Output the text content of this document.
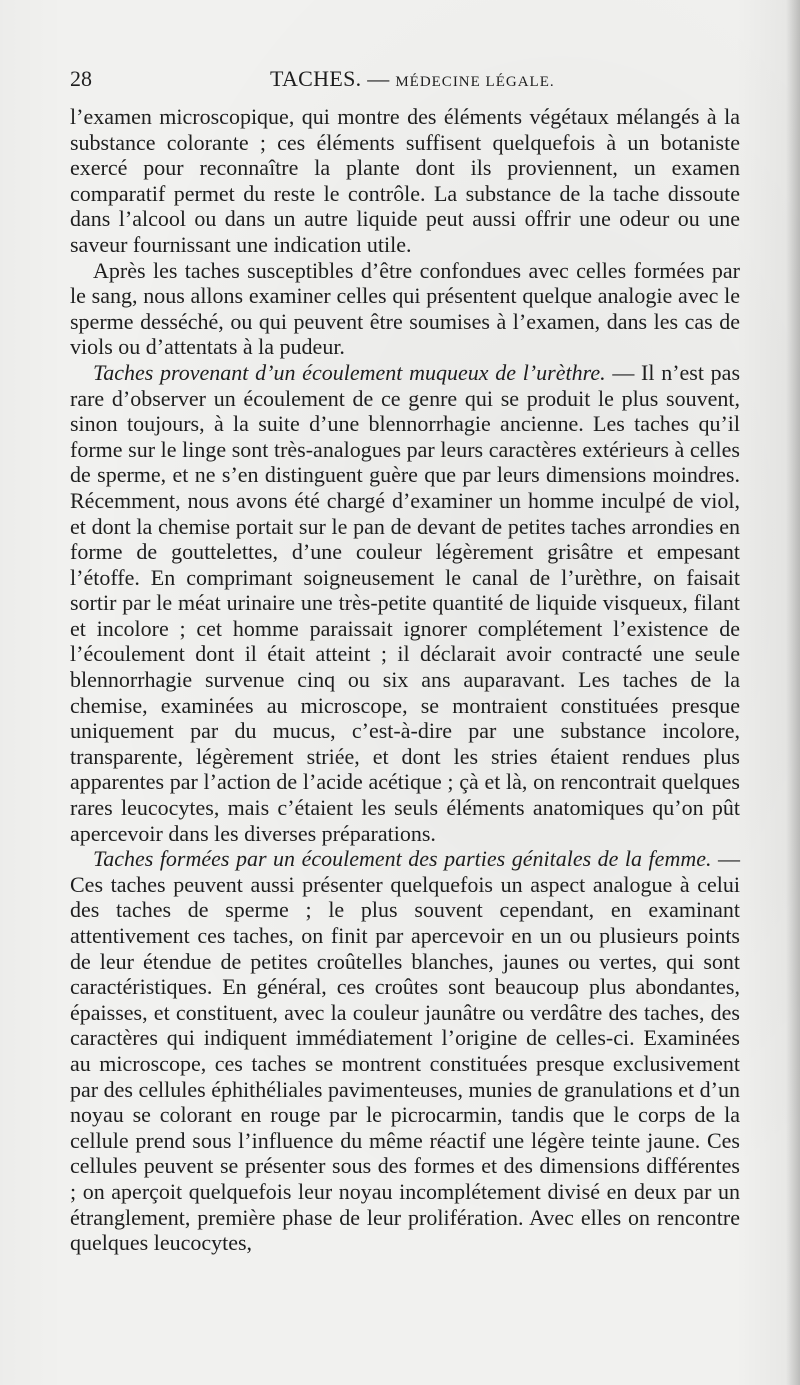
28	TACHES. — MÉDECINE LÉGALE.

l’examen microscopique, qui montre des éléments végétaux mélangés à la substance colorante ; ces éléments suffisent quelquefois à un botaniste exercé pour reconnaître la plante dont ils proviennent, un examen comparatif permet du reste le contrôle. La substance de la tache dissoute dans l’alcool ou dans un autre liquide peut aussi offrir une odeur ou une saveur fournissant une indication utile.

Après les taches susceptibles d’être confondues avec celles formées par le sang, nous allons examiner celles qui présentent quelque analogie avec le sperme desséché, ou qui peuvent être soumises à l’examen, dans les cas de viols ou d’attentats à la pudeur.

Taches provenant d’un écoulement muqueux de l’urèthre. — Il n’est pas rare d’observer un écoulement de ce genre qui se produit le plus souvent, sinon toujours, à la suite d’une blennorrhagie ancienne. Les taches qu’il forme sur le linge sont très-analogues par leurs caractères extérieurs à celles de sperme, et ne s’en distinguent guère que par leurs dimensions moindres. Récemment, nous avons été chargé d’examiner un homme inculpé de viol, et dont la chemise portait sur le pan de devant de petites taches arrondies en forme de gouttelettes, d’une couleur légèrement grisâtre et empesant l’étoffe. En comprimant soigneusement le canal de l’urèthre, on faisait sortir par le méat urinaire une très-petite quantité de liquide visqueux, filant et incolore ; cet homme paraissait ignorer complétement l’existence de l’écoulement dont il était atteint ; il déclarait avoir contracté une seule blennorrhagie survenue cinq ou six ans auparavant. Les taches de la chemise, examinées au microscope, se montraient constituées presque uniquement par du mucus, c’est-à-dire par une substance incolore, transparente, légèrement striée, et dont les stries étaient rendues plus apparentes par l’action de l’acide acétique ; çà et là, on rencontrait quelques rares leucocytes, mais c’étaient les seuls éléments anatomiques qu’on pût apercevoir dans les diverses préparations.

Taches formées par un écoulement des parties génitales de la femme. — Ces taches peuvent aussi présenter quelquefois un aspect analogue à celui des taches de sperme ; le plus souvent cependant, en examinant attentivement ces taches, on finit par apercevoir en un ou plusieurs points de leur étendue de petites croûtelles blanches, jaunes ou vertes, qui sont caractéristiques. En général, ces croûtes sont beaucoup plus abondantes, épaisses, et constituent, avec la couleur jaunâtre ou verdâtre des taches, des caractères qui indiquent immédiatement l’origine de celles-ci. Examinées au microscope, ces taches se montrent constituées presque exclusivement par des cellules éphithéliales pavimenteuses, munies de granulations et d’un noyau se colorant en rouge par le picrocarmin, tandis que le corps de la cellule prend sous l’influence du même réactif une légère teinte jaune. Ces cellules peuvent se présenter sous des formes et des dimensions différentes ; on aperçoit quelquefois leur noyau incomplétement divisé en deux par un étranglement, première phase de leur prolifération. Avec elles on rencontre quelques leucocytes,
